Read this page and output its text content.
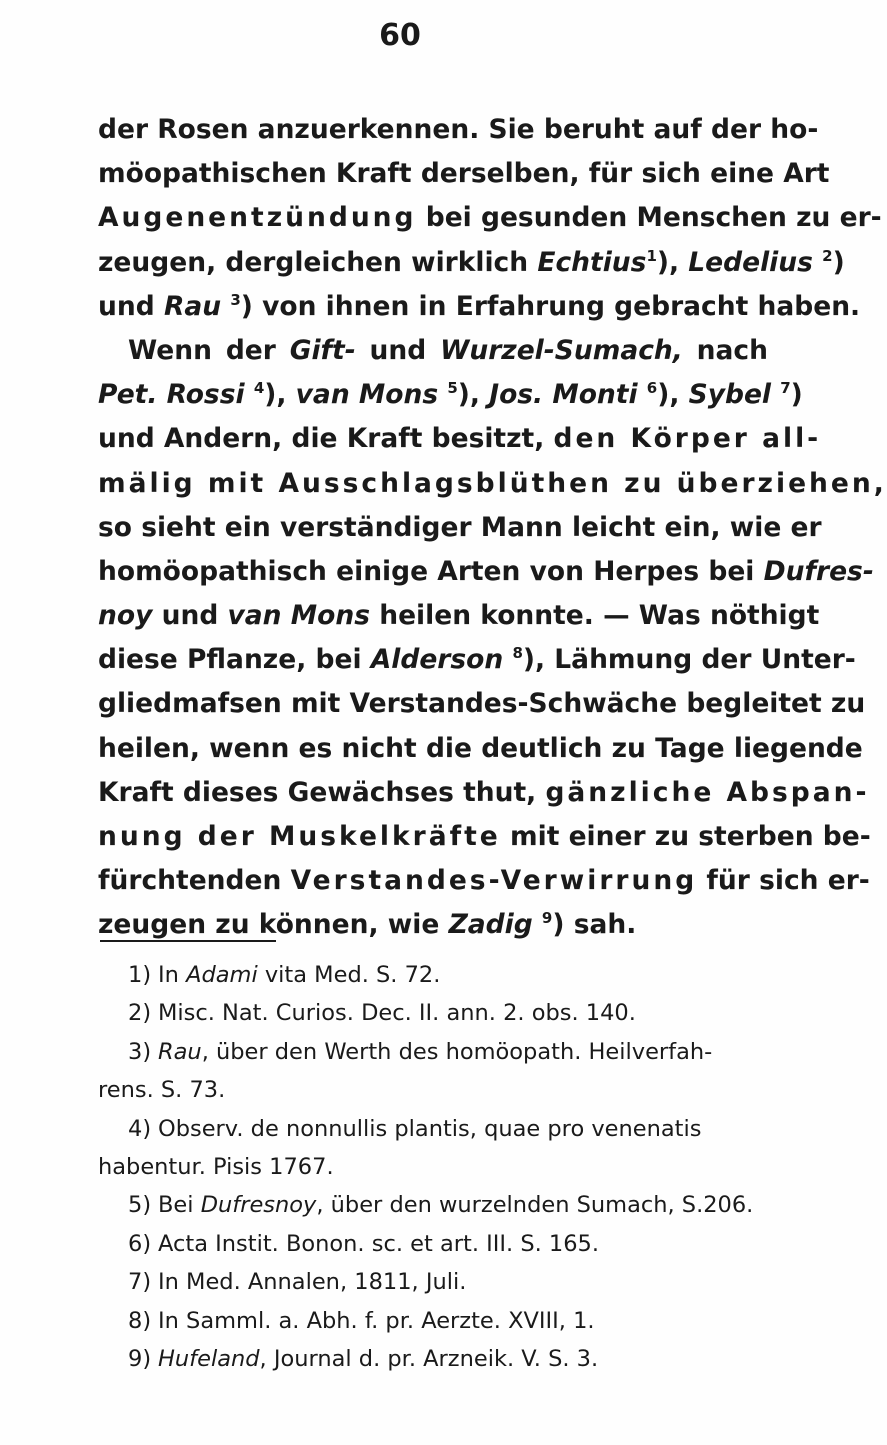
60
der Rosen anzuerkennen. Sie beruht auf der ho-
möopathischen Kraft derselben, für sich eine Art
Augenentzündung bei gesunden Menschen zu er-
zeugen, dergleichen wirklich Echtius$^1$), Ledelius $^2$)
und Rau $^3$) von ihnen in Erfahrung gebracht haben.
Wenn der Gift- und Wurzel-Sumach, nach
Pet. Rossi $^4$), van Mons $^5$), Jos. Monti $^6$), Sybel $^7$)
und Andern, die Kraft besitzt, den Körper all-
mälig mit Ausschlagsblüthen zu überziehen,
so sieht ein verständiger Mann leicht ein, wie er
homöopathisch einige Arten von Herpes bei Dufres-
noy und van Mons heilen konnte. — Was nöthigt
diese Pflanze, bei Alderson $^8$), Lähmung der Unter-
gliedmafsen mit Verstandes-Schwäche begleitet zu
heilen, wenn es nicht die deutlich zu Tage liegende
Kraft dieses Gewächses thut, gänzliche Abspan-
nung der Muskelkräfte mit einer zu sterben be-
fürchtenden Verstandes-Verwirrung für sich er-
zeugen zu können, wie Zadig $^9$) sah.
1) In Adami vita Med. S. 72.
2) Misc. Nat. Curios. Dec. II. ann. 2. obs. 140.
3) Rau, über den Werth des homöopath. Heilverfah-
rens. S. 73.
4) Observ. de nonnullis plantis, quae pro venenatis
habentur. Pisis 1767.
5) Bei Dufresnoy, über den wurzelnden Sumach, S.206.
6) Acta Instit. Bonon. sc. et art. III. S. 165.
7) In Med. Annalen, 1811, Juli.
8) In Samml. a. Abh. f. pr. Aerzte. XVIII, 1.
9) Hufeland, Journal d. pr. Arzneik. V. S. 3.
